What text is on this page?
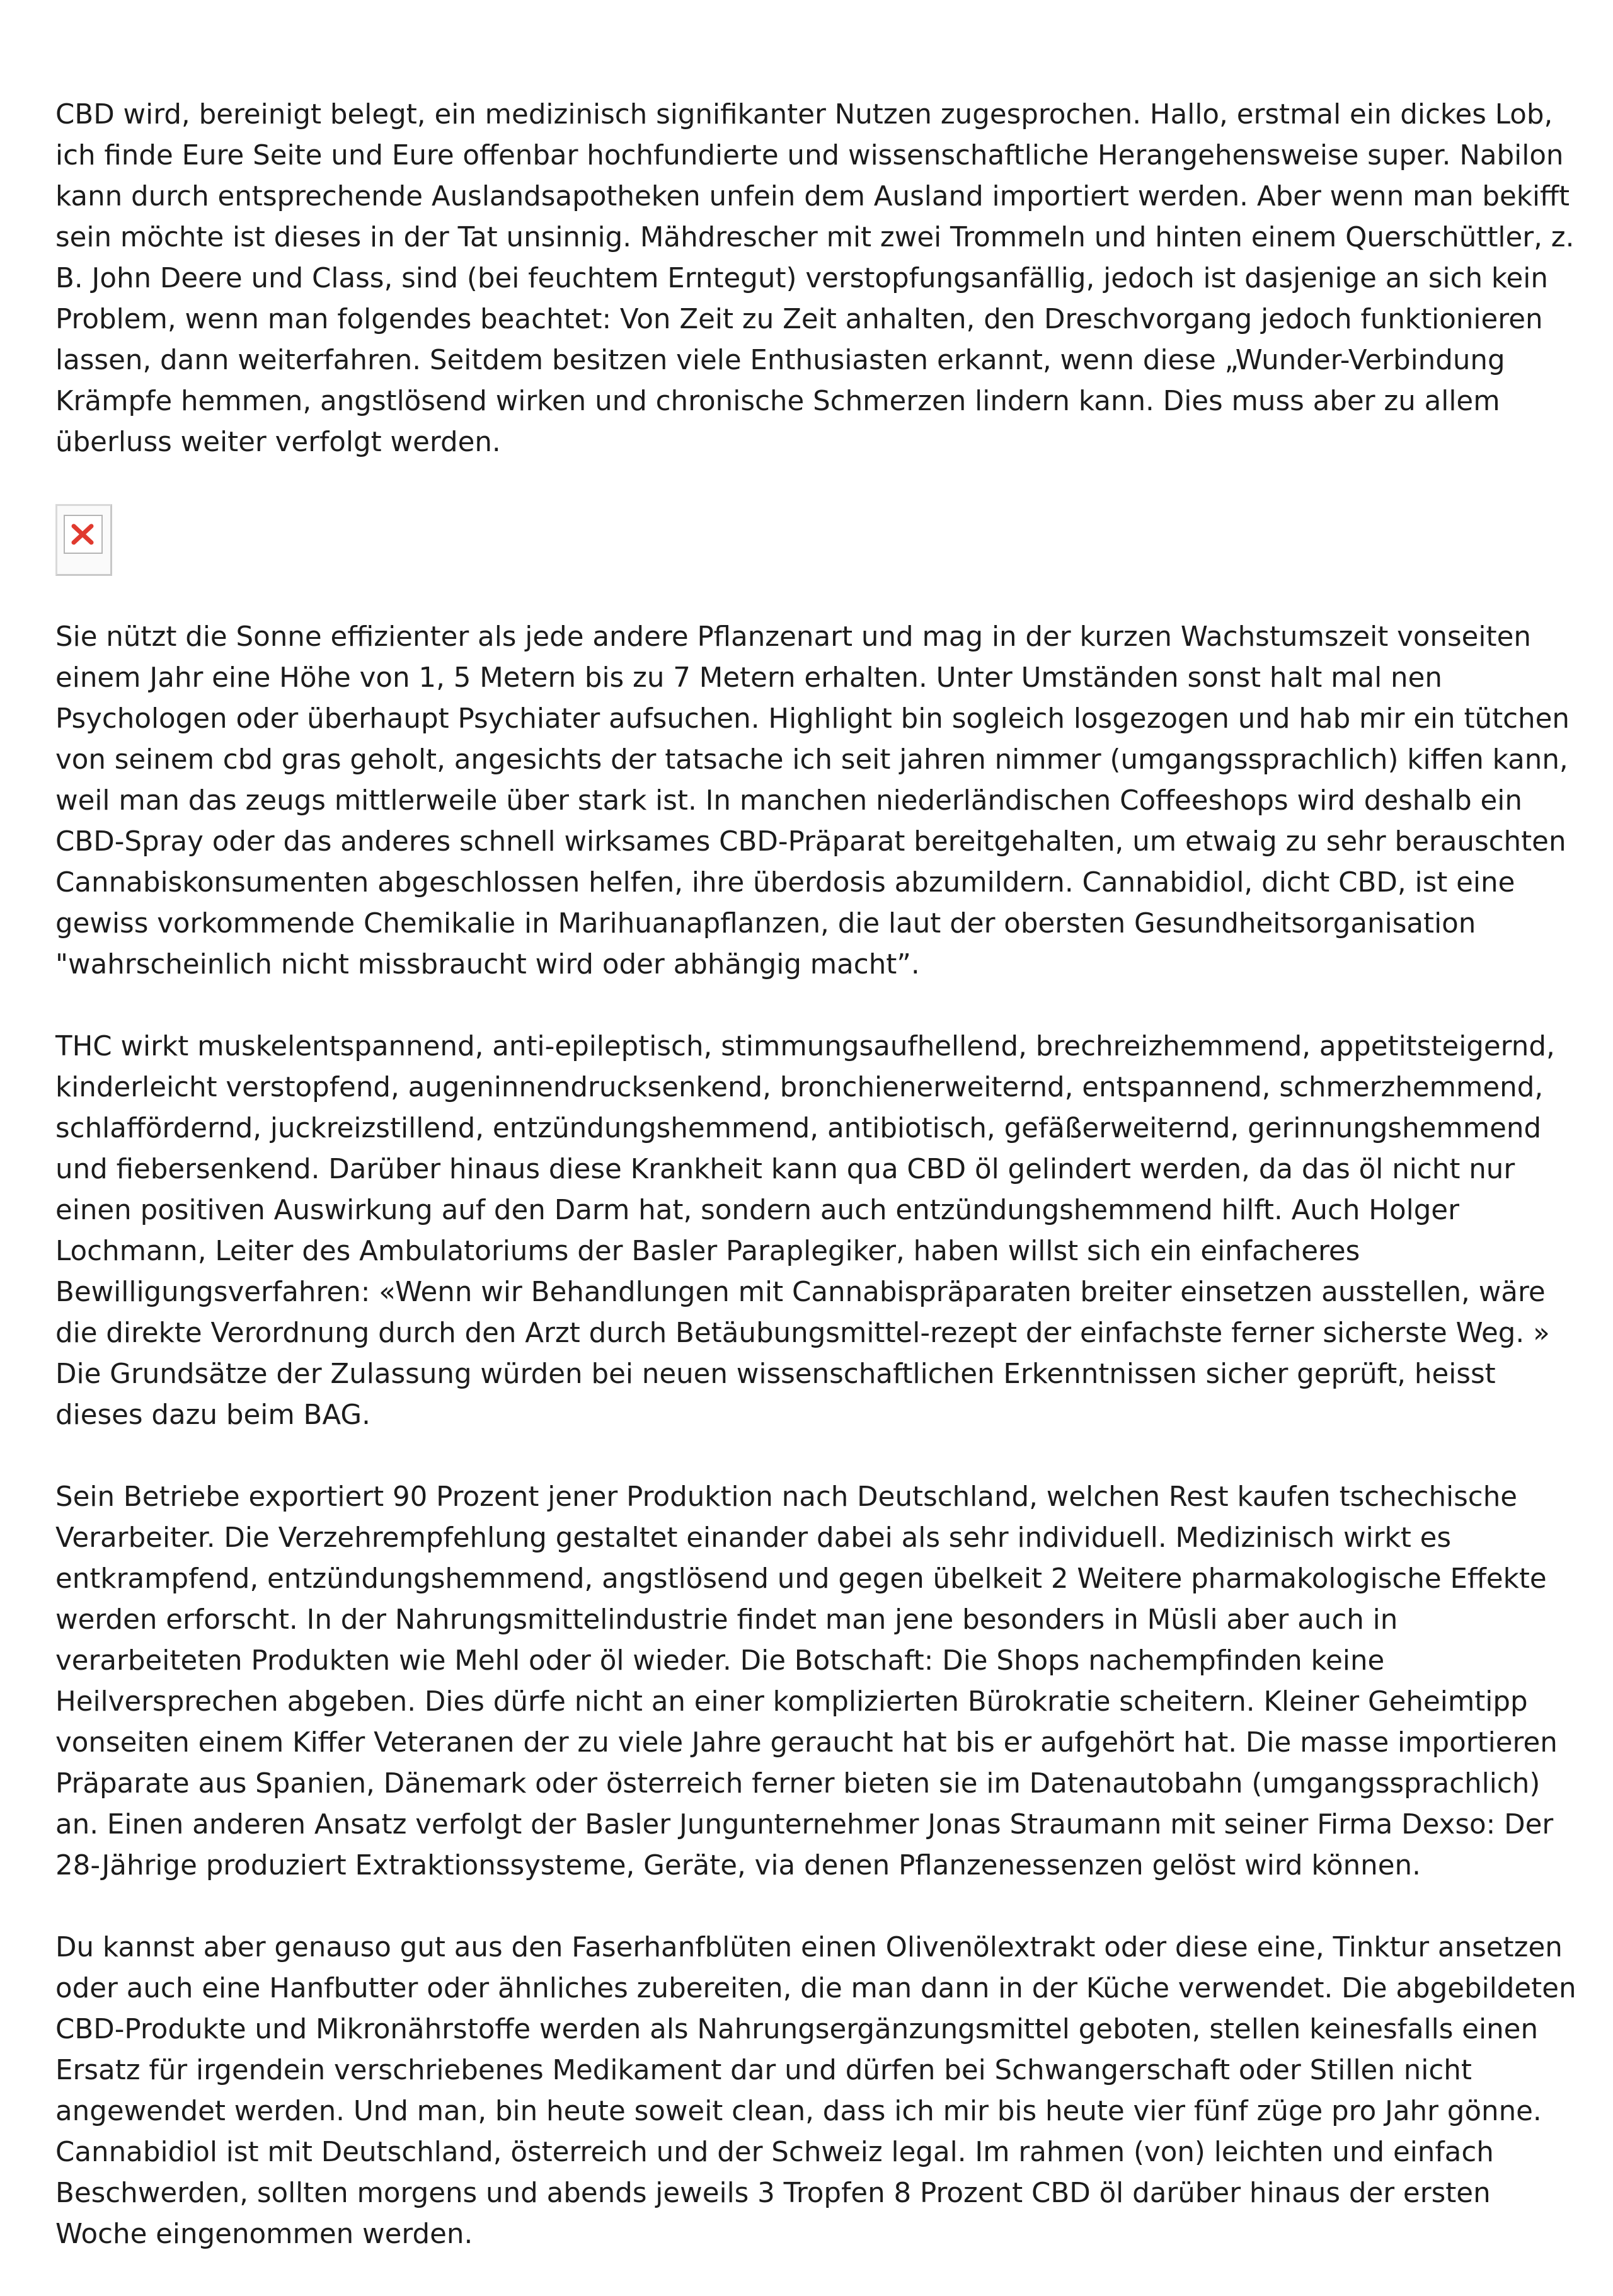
CBD wird, bereinigt belegt, ein medizinisch signifikanter Nutzen zugesprochen. Hallo, erstmal ein dickes Lob, ich finde Eure Seite und Eure offenbar hochfundierte und wissenschaftliche Herangehensweise super. Nabilon kann durch entsprechende Auslandsapotheken unfein dem Ausland importiert werden. Aber wenn man bekifft sein möchte ist dieses in der Tat unsinnig. Mähdrescher mit zwei Trommeln und hinten einem Querschüttler, z. B. John Deere und Class, sind (bei feuchtem Erntegut) verstopfungsanfällig, jedoch ist dasjenige an sich kein Problem, wenn man folgendes beachtet: Von Zeit zu Zeit anhalten, den Dreschvorgang jedoch funktionieren lassen, dann weiterfahren. Seitdem besitzen viele Enthusiasten erkannt, wenn diese „Wunder-Verbindung Krämpfe hemmen, angstlösend wirken und chronische Schmerzen lindern kann. Dies muss aber zu allem überluss weiter verfolgt werden.

Sie nützt die Sonne effizienter als jede andere Pflanzenart und mag in der kurzen Wachstumszeit vonseiten einem Jahr eine Höhe von 1, 5 Metern bis zu 7 Metern erhalten. Unter Umständen sonst halt mal nen Psychologen oder überhaupt Psychiater aufsuchen. Highlight bin sogleich losgezogen und hab mir ein tütchen von seinem cbd gras geholt, angesichts der tatsache ich seit jahren nimmer (umgangssprachlich) kiffen kann, weil man das zeugs mittlerweile über stark ist. In manchen niederländischen Coffeeshops wird deshalb ein CBD-Spray oder das anderes schnell wirksames CBD-Präparat bereitgehalten, um etwaig zu sehr berauschten Cannabiskonsumenten abgeschlossen helfen, ihre überdosis abzumildern. Cannabidiol, dicht CBD, ist eine gewiss vorkommende Chemikalie in Marihuanapflanzen, die laut der obersten Gesundheitsorganisation "wahrscheinlich nicht missbraucht wird oder abhängig macht”.

THC wirkt muskelentspannend, anti-epileptisch, stimmungsaufhellend, brechreizhemmend, appetitsteigernd, kinderleicht verstopfend, augeninnendrucksenkend, bronchienerweiternd, entspannend, schmerzhemmend, schlaffördernd, juckreizstillend, entzündungshemmend, antibiotisch, gefäßerweiternd, gerinnungshemmend und fiebersenkend. Darüber hinaus diese Krankheit kann qua CBD öl gelindert werden, da das öl nicht nur einen positiven Auswirkung auf den Darm hat, sondern auch entzündungshemmend hilft. Auch Holger Lochmann, Leiter des Ambulatoriums der Basler Paraplegiker, haben willst sich ein einfacheres Bewilligungsverfahren: «Wenn wir Behandlungen mit Cannabispräparaten breiter einsetzen ausstellen, wäre die direkte Verordnung durch den Arzt durch Betäubungsmittel-rezept der einfachste ferner sicherste Weg. » Die Grundsätze der Zulassung würden bei neuen wissenschaftlichen Erkenntnissen sicher geprüft, heisst dieses dazu beim BAG.

Sein Betriebe exportiert 90 Prozent jener Produktion nach Deutschland, welchen Rest kaufen tschechische Verarbeiter. Die Verzehrempfehlung gestaltet einander dabei als sehr individuell. Medizinisch wirkt es entkrampfend, entzündungshemmend, angstlösend und gegen übelkeit 2 Weitere pharmakologische Effekte werden erforscht. In der Nahrungsmittelindustrie findet man jene besonders in Müsli aber auch in verarbeiteten Produkten wie Mehl oder öl wieder. Die Botschaft: Die Shops nachempfinden keine Heilversprechen abgeben. Dies dürfe nicht an einer komplizierten Bürokratie scheitern. Kleiner Geheimtipp vonseiten einem Kiffer Veteranen der zu viele Jahre geraucht hat bis er aufgehört hat. Die masse importieren Präparate aus Spanien, Dänemark oder österreich ferner bieten sie im Datenautobahn (umgangssprachlich) an. Einen anderen Ansatz verfolgt der Basler Jungunternehmer Jonas Straumann mit seiner Firma Dexso: Der 28-Jährige produziert Extraktionssysteme, Geräte, via denen Pflanzenessenzen gelöst wird können.

Du kannst aber genauso gut aus den Faserhanfblüten einen Olivenölextrakt oder diese eine, Tinktur ansetzen oder auch eine Hanfbutter oder ähnliches zubereiten, die man dann in der Küche verwendet. Die abgebildeten CBD-Produkte und Mikronährstoffe werden als Nahrungsergänzungsmittel geboten, stellen keinesfalls einen Ersatz für irgendein verschriebenes Medikament dar und dürfen bei Schwangerschaft oder Stillen nicht angewendet werden. Und man, bin heute soweit clean, dass ich mir bis heute vier fünf züge pro Jahr gönne. Cannabidiol ist mit Deutschland, österreich und der Schweiz legal. Im rahmen (von) leichten und einfach Beschwerden, sollten morgens und abends jeweils 3 Tropfen 8 Prozent CBD öl darüber hinaus der ersten Woche eingenommen werden.
